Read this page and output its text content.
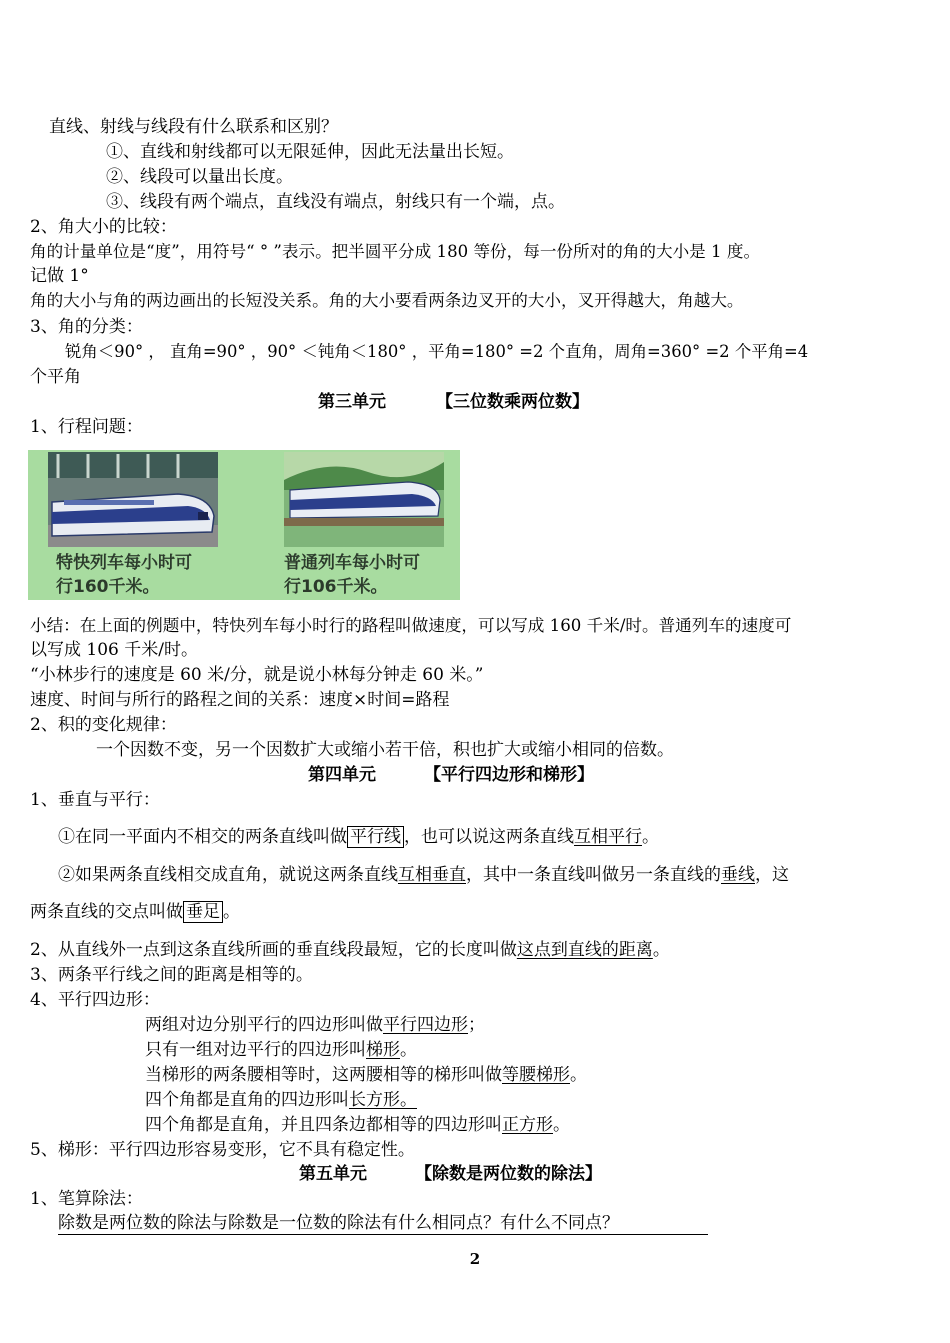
直线、射线与线段有什么联系和区别？
①、直线和射线都可以无限延伸，因此无法量出长短。
②、线段可以量出长度。
③、线段有两个端点，直线没有端点，射线只有一个端，点。
2、角大小的比较：
角的计量单位是“度”，用符号“ ° ”表示。把半圆平分成 180 等份，每一份所对的角的大小是 1 度。
记做 1°
角的大小与角的两边画出的长短没关系。角的大小要看两条边叉开的大小，叉开得越大，角越大。
3、角的分类：
锐角＜90° ， 直角=90° ，90° ＜钝角＜180° ，平角=180° =2 个直角，周角=360° =2 个平角=4
个平角
第三单元	【三位数乘两位数】
1、行程问题：
特快列车每小时可
行160千米。
普通列车每小时可
行106千米。
小结：在上面的例题中，特快列车每小时行的路程叫做速度，可以写成 160 千米/时。普通列车的速度可
以写成 106 千米/时。
“小林步行的速度是 60 米/分，就是说小林每分钟走 60 米。”
速度、时间与所行的路程之间的关系：速度×时间=路程
2、积的变化规律：
一个因数不变，另一个因数扩大或缩小若干倍，积也扩大或缩小相同的倍数。
第四单元	【平行四边形和梯形】
1、垂直与平行：
①在同一平面内不相交的两条直线叫做 平行线 ，也可以说这两条直线互相平行。
②如果两条直线相交成直角，就说这两条直线互相垂直，其中一条直线叫做另一条直线的垂线，这
两条直线的交点叫做 垂足 。
2、从直线外一点到这条直线所画的垂直线段最短，它的长度叫做这点到直线的距离。
3、两条平行线之间的距离是相等的。
4、平行四边形：
两组对边分别平行的四边形叫做平行四边形；
只有一组对边平行的四边形叫梯形。
当梯形的两条腰相等时，这两腰相等的梯形叫做等腰梯形。
四个角都是直角的四边形叫长方形。
四个角都是直角，并且四条边都相等的四边形叫正方形。
5、梯形：平行四边形容易变形，它不具有稳定性。
第五单元	【除数是两位数的除法】
1、笔算除法：
除数是两位数的除法与除数是一位数的除法有什么相同点？有什么不同点？
2
